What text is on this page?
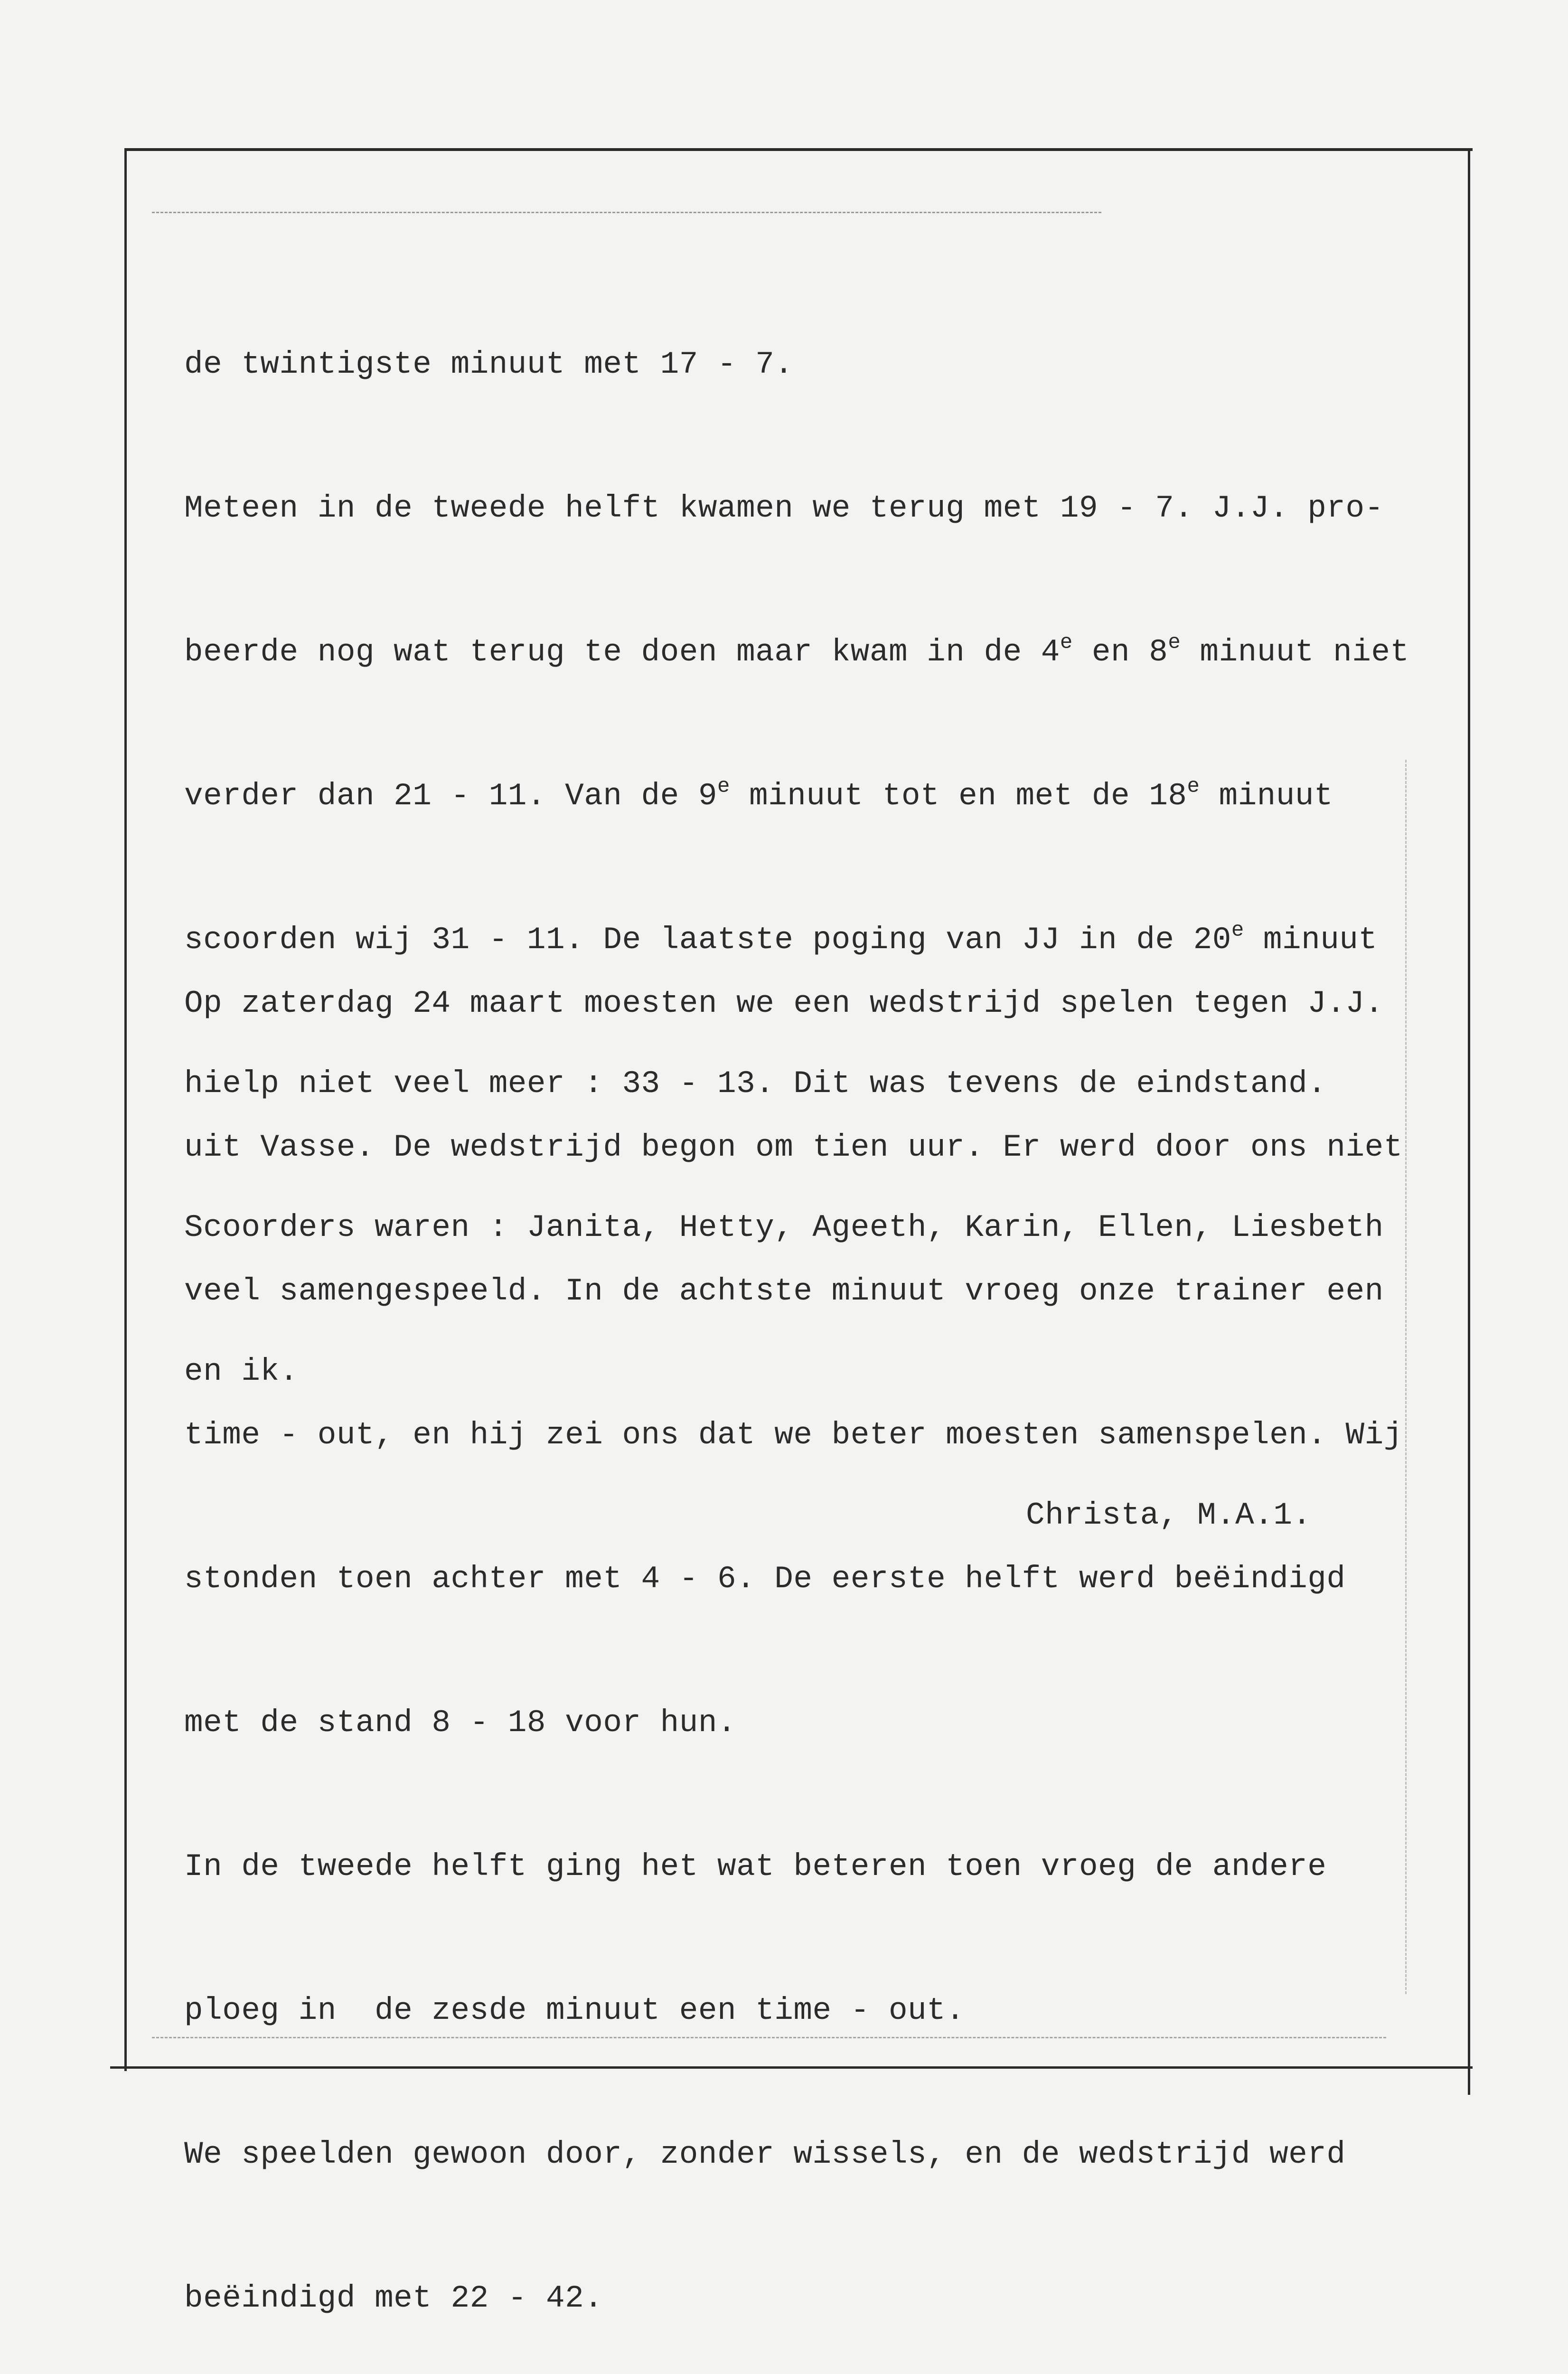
de twintigste minuut met 17 - 7.

Meteen in de tweede helft kwamen we terug met 19 - 7. J.J. pro-

beerde nog wat terug te doen maar kwam in de 4e en 8e minuut niet

verder dan 21 - 11. Van de 9e minuut tot en met de 18e minuut

scoorden wij 31 - 11. De laatste poging van JJ in de 20e minuut

hielp niet veel meer : 33 - 13. Dit was tevens de eindstand.

Scoorders waren : Janita, Hetty, Ageeth, Karin, Ellen, Liesbeth

en ik.

Christa, M.A.1.

Op zaterdag 24 maart moesten we een wedstrijd spelen tegen J.J.

uit Vasse. De wedstrijd begon om tien uur. Er werd door ons niet

veel samengespeeld. In de achtste minuut vroeg onze trainer een

time - out, en hij zei ons dat we beter moesten samenspelen. Wij

stonden toen achter met 4 - 6. De eerste helft werd beëindigd

met de stand 8 - 18 voor hun.

In de tweede helft ging het wat beteren toen vroeg de andere

ploeg in  de zesde minuut een time - out.

We speelden gewoon door, zonder wissels, en de wedstrijd werd

beëindigd met 22 - 42.
